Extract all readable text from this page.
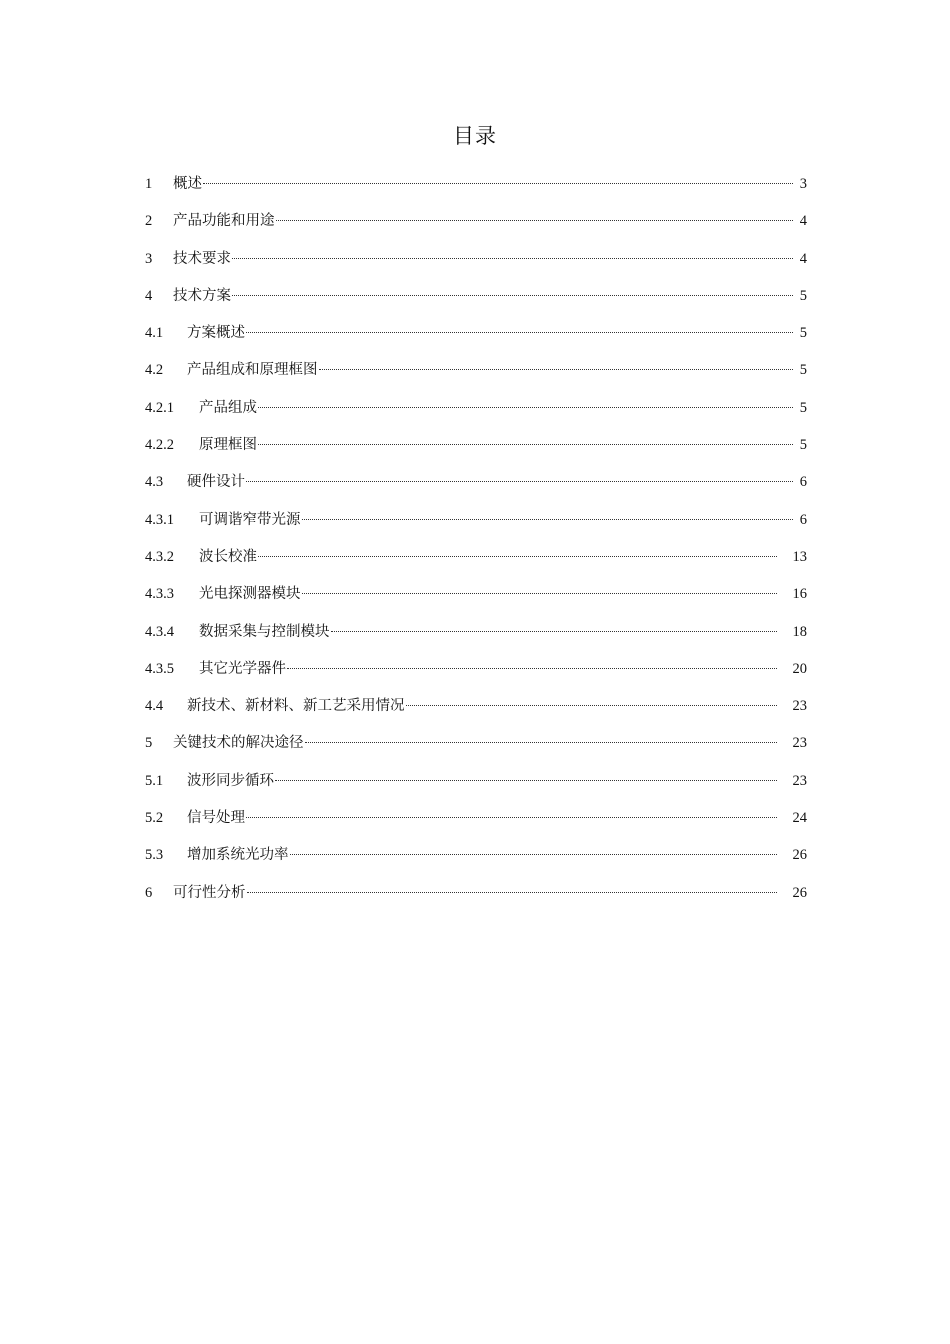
目录
1	概述	3
2	产品功能和用途	4
3	技术要求	4
4	技术方案	5
4.1	方案概述	5
4.2	产品组成和原理框图	5
4.2.1	产品组成	5
4.2.2	原理框图	5
4.3	硬件设计	6
4.3.1	可调谐窄带光源	6
4.3.2	波长校准	13
4.3.3	光电探测器模块	16
4.3.4	数据采集与控制模块	18
4.3.5	其它光学器件	20
4.4	新技术、新材料、新工艺采用情况	23
5	关键技术的解决途径	23
5.1	波形同步循环	23
5.2	信号处理	24
5.3	增加系统光功率	26
6	可行性分析	26
